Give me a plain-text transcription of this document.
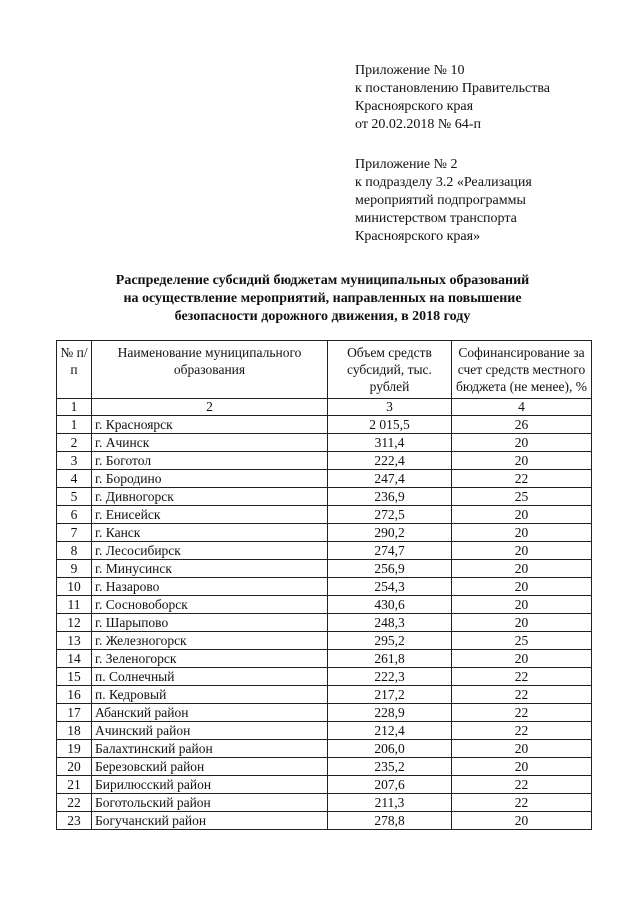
Приложение № 10
к постановлению Правительства
Красноярского края
от 20.02.2018 № 64-п
Приложение № 2
к подразделу 3.2 «Реализация
мероприятий подпрограммы
министерством транспорта
Красноярского края»
Распределение субсидий бюджетам муниципальных образований
на осуществление мероприятий, направленных на повышение
безопасности дорожного движения, в 2018 году
№ п/п	Наименование муниципального образования	Объем средств субсидий, тыс. рублей	Софинансирование за счет средств местного бюджета (не менее), %
1	2	3	4
1	г. Красноярск	2 015,5	26
2	г. Ачинск	311,4	20
3	г. Боготол	222,4	20
4	г. Бородино	247,4	22
5	г. Дивногорск	236,9	25
6	г. Енисейск	272,5	20
7	г. Канск	290,2	20
8	г. Лесосибирск	274,7	20
9	г. Минусинск	256,9	20
10	г. Назарово	254,3	20
11	г. Сосновоборск	430,6	20
12	г. Шарыпово	248,3	20
13	г. Железногорск	295,2	25
14	г. Зеленогорск	261,8	20
15	п. Солнечный	222,3	22
16	п. Кедровый	217,2	22
17	Абанский район	228,9	22
18	Ачинский район	212,4	22
19	Балахтинский район	206,0	20
20	Березовский район	235,2	20
21	Бирилюсский район	207,6	22
22	Боготольский район	211,3	22
23	Богучанский район	278,8	20
